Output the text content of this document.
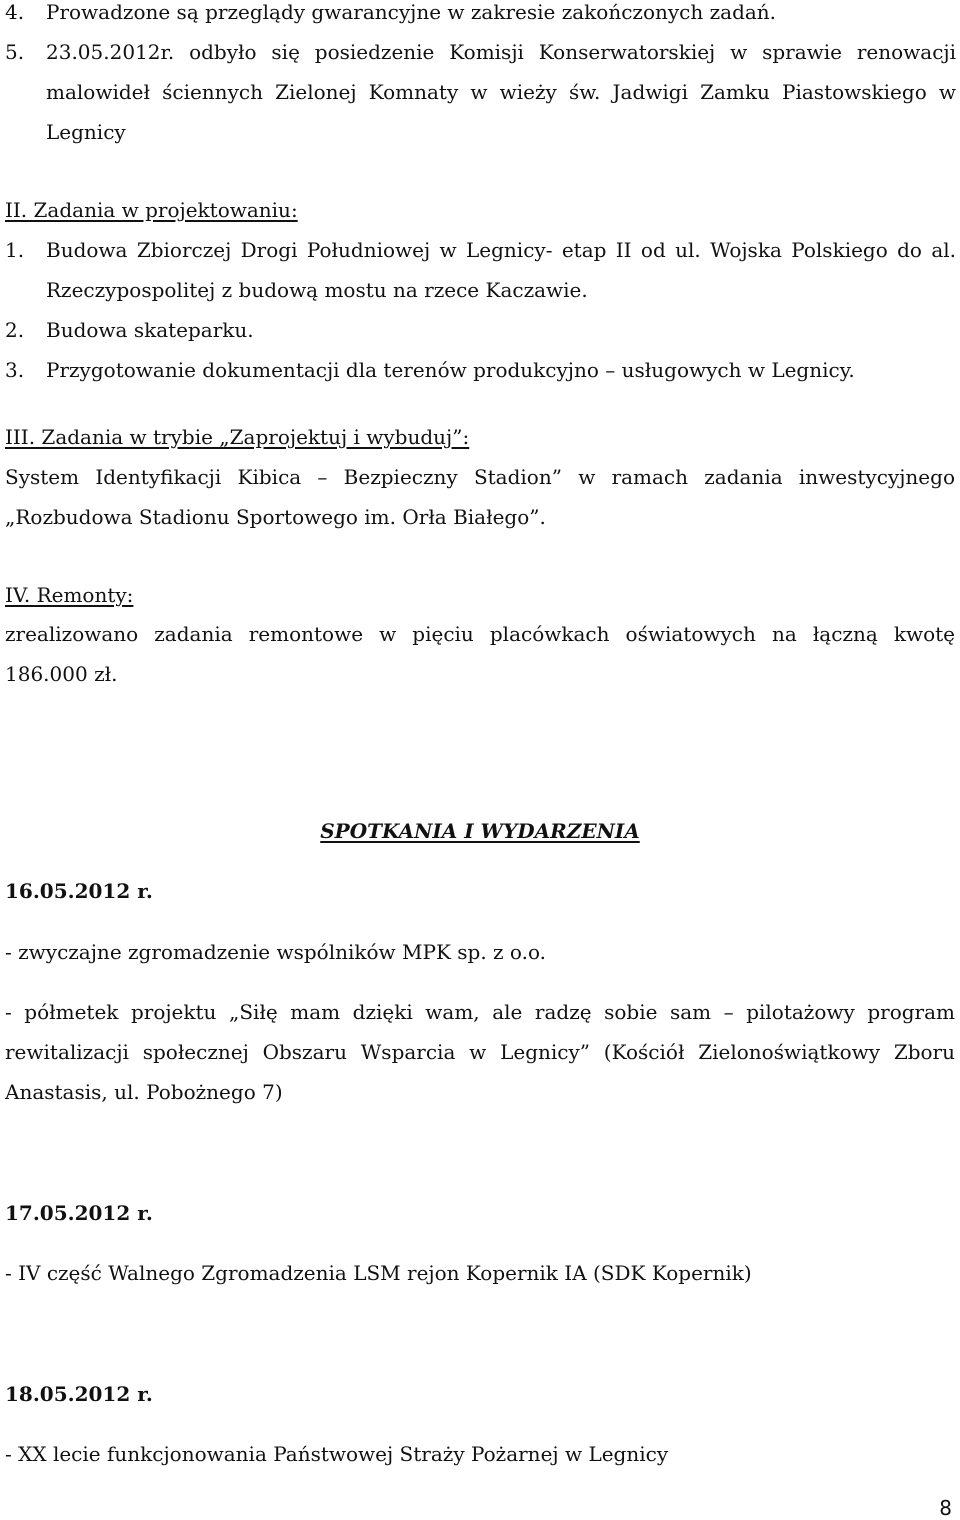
4. Prowadzone są przeglądy gwarancyjne w zakresie zakończonych zadań.
5. 23.05.2012r. odbyło się posiedzenie Komisji Konserwatorskiej w sprawie renowacji
malowideł ściennych Zielonej Komnaty w wieży św. Jadwigi Zamku Piastowskiego w
Legnicy
II. Zadania w projektowaniu:
1. Budowa Zbiorczej Drogi Południowej w Legnicy- etap II od ul. Wojska Polskiego do al.
Rzeczypospolitej z budową mostu na rzece Kaczawie.
2. Budowa skateparku.
3. Przygotowanie dokumentacji dla terenów produkcyjno – usługowych w Legnicy.
III. Zadania w trybie „Zaprojektuj i wybuduj”:
System Identyfikacji Kibica – Bezpieczny Stadion” w ramach zadania inwestycyjnego
„Rozbudowa Stadionu Sportowego im. Orła Białego”.
IV. Remonty:
zrealizowano zadania remontowe w pięciu placówkach oświatowych na łączną kwotę
186.000 zł.
SPOTKANIA I WYDARZENIA
16.05.2012 r.
- zwyczajne zgromadzenie wspólników MPK sp. z o.o.
- półmetek projektu „Siłę mam dzięki wam, ale radzę sobie sam – pilotażowy program
rewitalizacji społecznej Obszaru Wsparcia w Legnicy” (Kościół Zielonoświątkowy Zboru
Anastasis, ul. Pobożnego 7)
17.05.2012 r.
- IV część Walnego Zgromadzenia LSM rejon Kopernik IA (SDK Kopernik)
18.05.2012 r.
- XX lecie funkcjonowania Państwowej Straży Pożarnej w Legnicy
8
